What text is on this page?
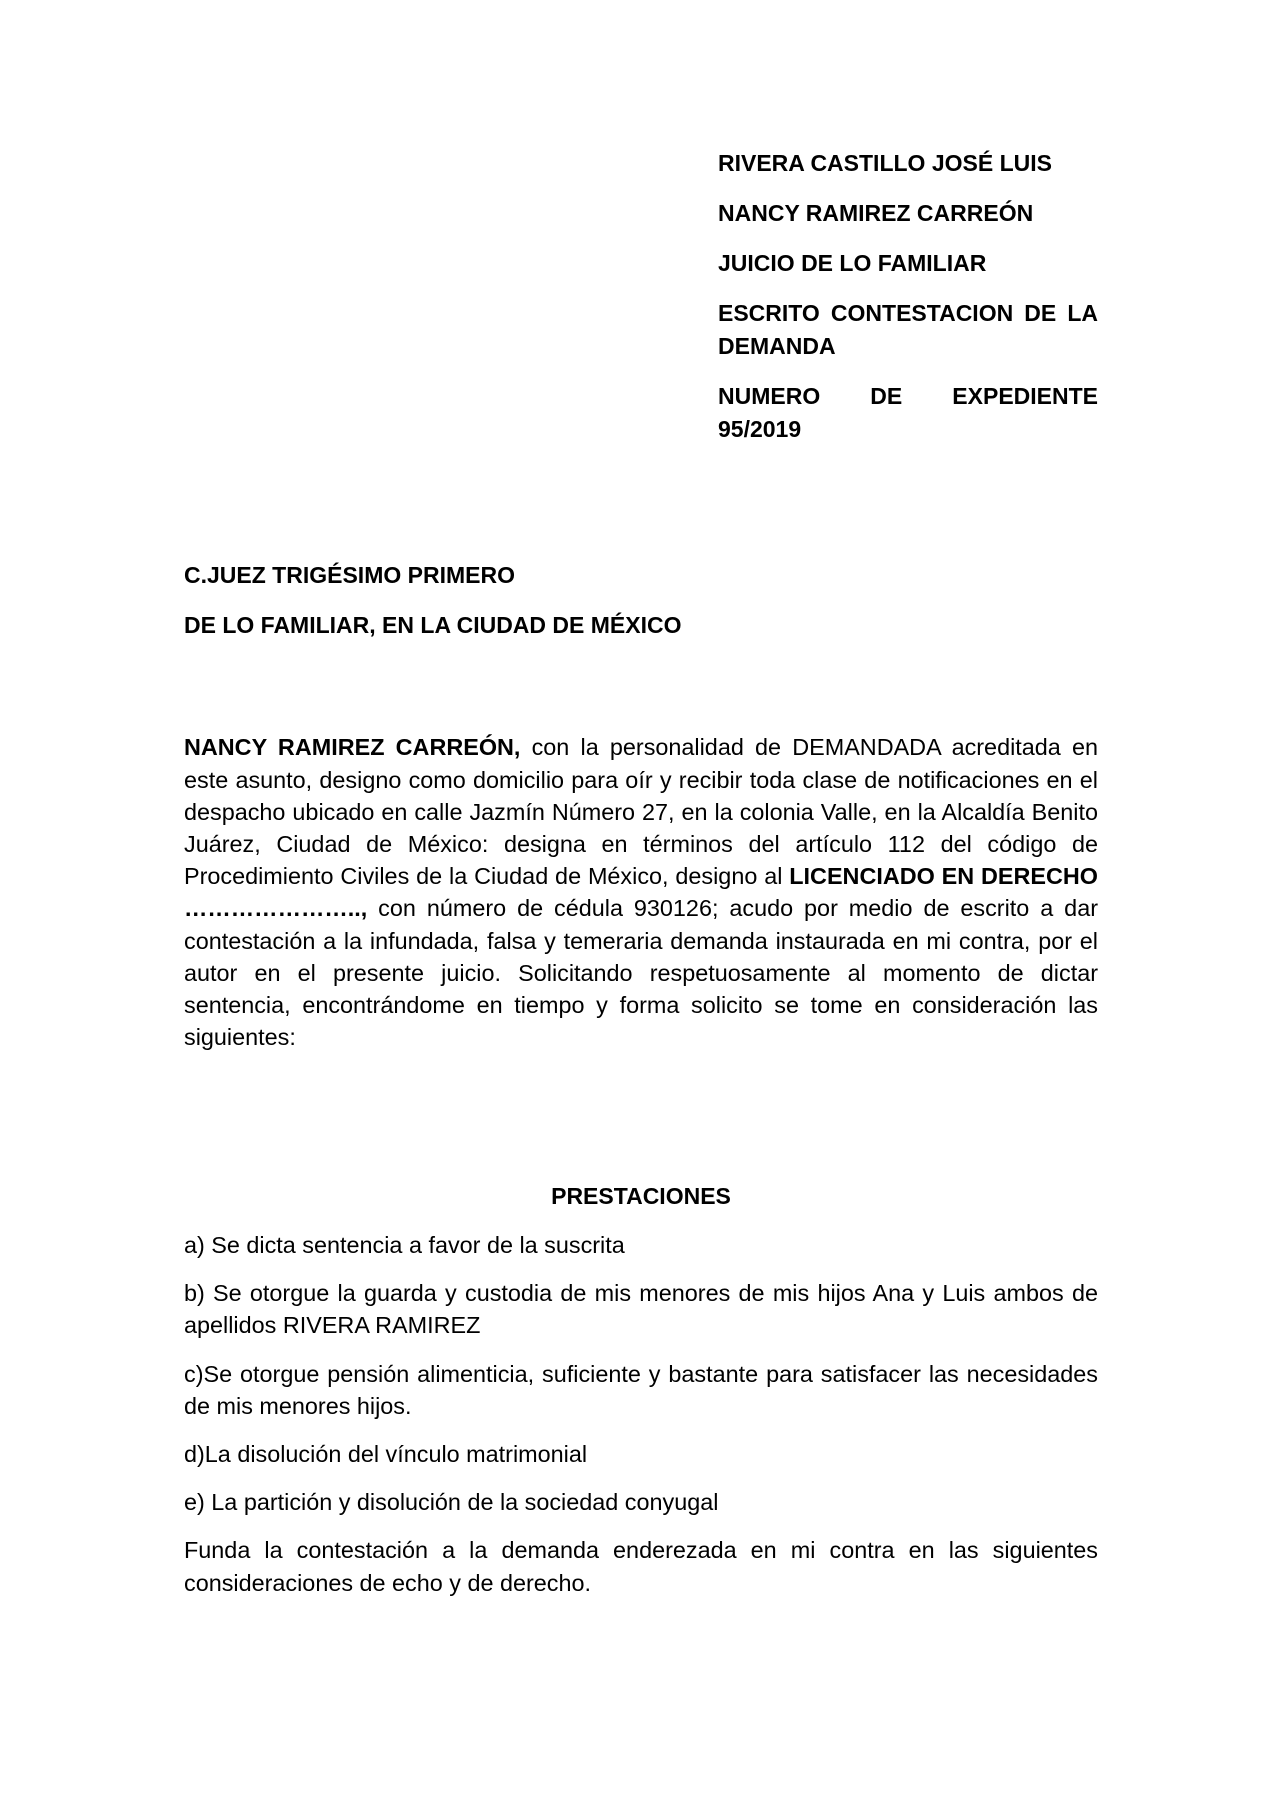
RIVERA CASTILLO JOSÉ LUIS
NANCY RAMIREZ CARREÓN
JUICIO DE LO FAMILIAR
ESCRITO CONTESTACION DE LA DEMANDA
NUMERO DE EXPEDIENTE 95/2019
C.JUEZ TRIGÉSIMO PRIMERO
DE LO FAMILIAR, EN LA CIUDAD DE MÉXICO

NANCY RAMIREZ CARREÓN, con la personalidad de DEMANDADA acreditada en este asunto, designo como domicilio para oír y recibir toda clase de notificaciones en el despacho ubicado en calle Jazmín Número 27, en la colonia Valle, en la Alcaldía Benito Juárez, Ciudad de México: designa en términos del artículo 112 del código de Procedimiento Civiles de la Ciudad de México, designo al LICENCIADO EN DERECHO ………………….., con número de cédula 930126; acudo por medio de escrito a dar contestación a la infundada, falsa y temeraria demanda instaurada en mi contra, por el autor en el presente juicio. Solicitando respetuosamente al momento de dictar sentencia, encontrándome en tiempo y forma solicito se tome en consideración las siguientes:

PRESTACIONES

a) Se dicta sentencia a favor de la suscrita

b) Se otorgue la guarda y custodia de mis menores de mis hijos Ana y Luis ambos de apellidos RIVERA RAMIREZ

c)Se otorgue pensión alimenticia, suficiente y bastante para satisfacer las necesidades de mis menores hijos.

d)La disolución del vínculo matrimonial

e) La partición y disolución de la sociedad conyugal

Funda la contestación a la demanda enderezada en mi contra en las siguientes consideraciones de echo y de derecho.
